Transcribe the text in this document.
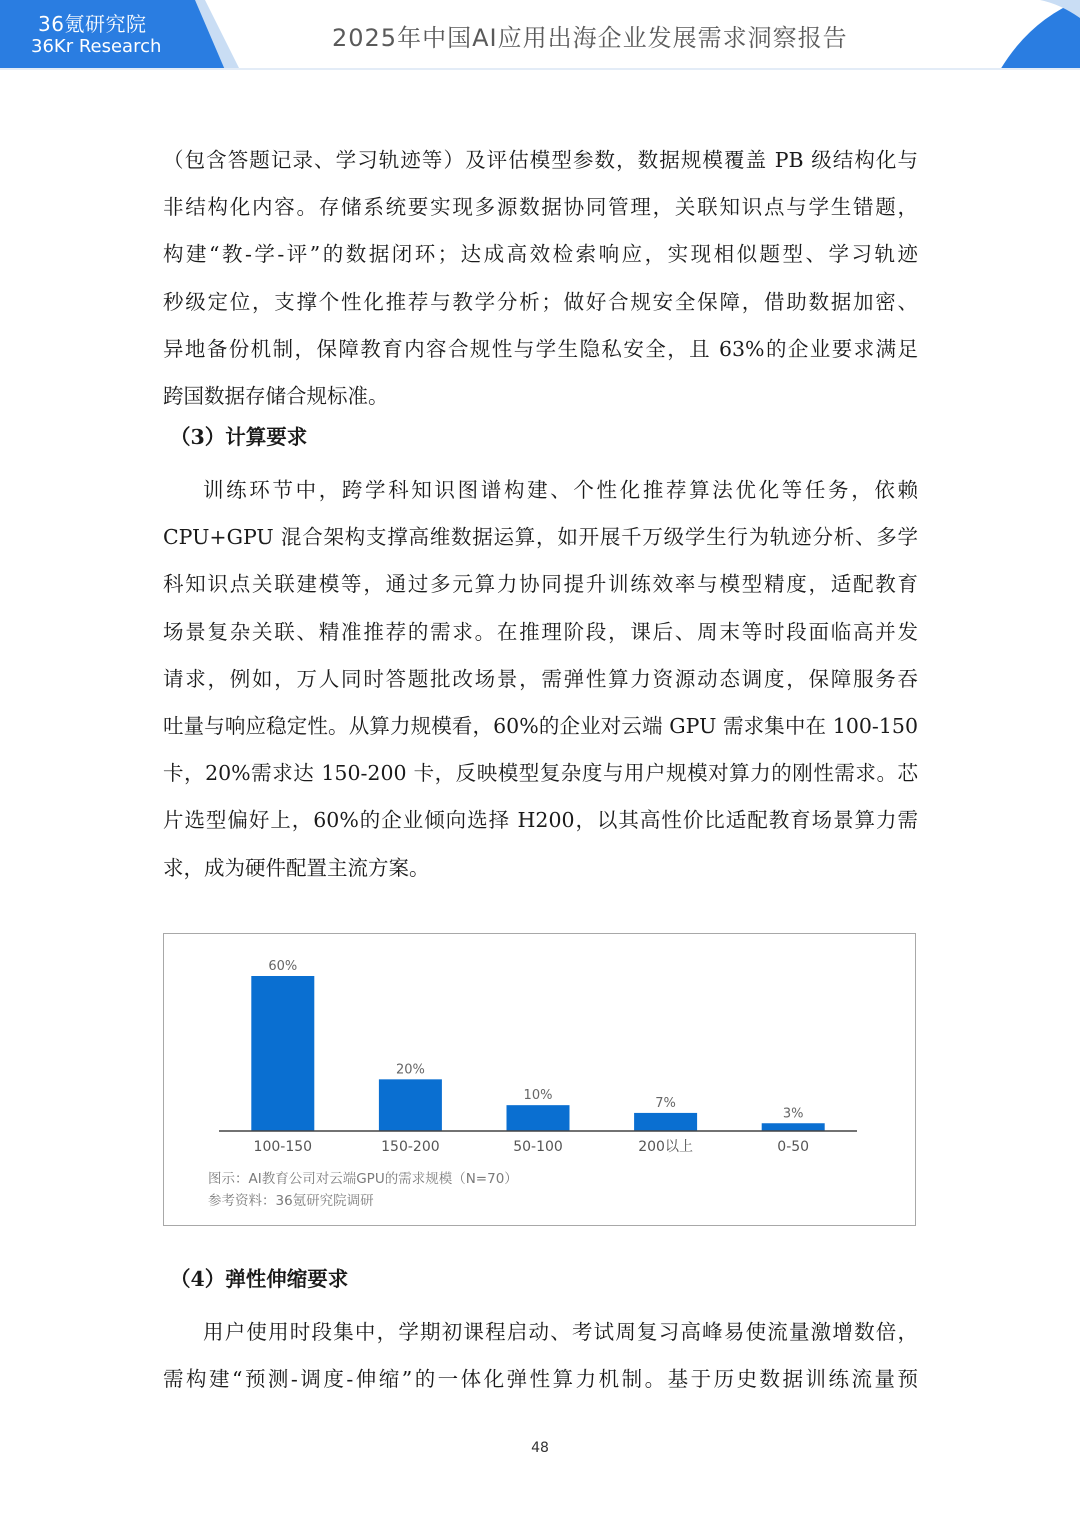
36氪研究院
36Kr Research	2025年中国AI应用出海企业发展需求洞察报告

（包含答题记录、学习轨迹等）及评估模型参数，数据规模覆盖 PB 级结构化与
非结构化内容。存储系统要实现多源数据协同管理，关联知识点与学生错题，
构建“教-学-评”的数据闭环；达成高效检索响应，实现相似题型、学习轨迹
秒级定位，支撑个性化推荐与教学分析；做好合规安全保障，借助数据加密、
异地备份机制，保障教育内容合规性与学生隐私安全，且 63%的企业要求满足
跨国数据存储合规标准。

（3）计算要求

训练环节中，跨学科知识图谱构建、个性化推荐算法优化等任务，依赖
CPU+GPU 混合架构支撑高维数据运算，如开展千万级学生行为轨迹分析、多学
科知识点关联建模等，通过多元算力协同提升训练效率与模型精度，适配教育
场景复杂关联、精准推荐的需求。在推理阶段，课后、周末等时段面临高并发
请求，例如，万人同时答题批改场景，需弹性算力资源动态调度，保障服务吞
吐量与响应稳定性。从算力规模看，60%的企业对云端 GPU 需求集中在 100-150
卡，20%需求达 150-200 卡，反映模型复杂度与用户规模对算力的刚性需求。芯
片选型偏好上，60%的企业倾向选择 H200，以其高性价比适配教育场景算力需
求，成为硬件配置主流方案。

60%
100-150
20%
150-200
10%
50-100
7%
200以上
3%
0-50
图示：AI教育公司对云端GPU的需求规模（N=70）
参考资料：36氪研究院调研
（4）弹性伸缩要求

用户使用时段集中，学期初课程启动、考试周复习高峰易使流量激增数倍，
需构建“预测-调度-伸缩”的一体化弹性算力机制。基于历史数据训练流量预

48
